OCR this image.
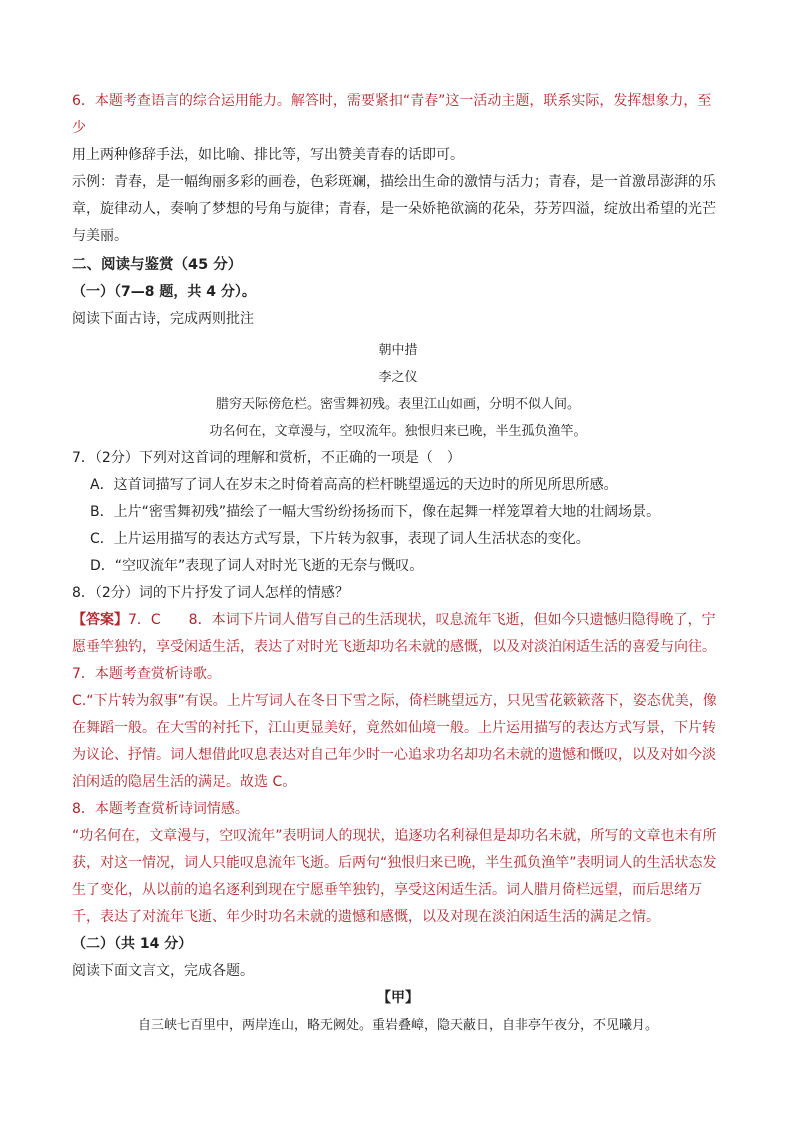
6．本题考查语言的综合运用能力。解答时，需要紧扣“青春”这一活动主题，联系实际，发挥想象力，至少

用上两种修辞手法，如比喻、排比等，写出赞美青春的话即可。

示例：青春，是一幅绚丽多彩的画卷，色彩斑斓，描绘出生命的激情与活力；青春，是一首激昂澎湃的乐

章，旋律动人，奏响了梦想的号角与旋律；青春，是一朵娇艳欲滴的花朵，芬芳四溢，绽放出希望的光芒

与美丽。

二、阅读与鉴赏（45 分）

（一）（7—8 题，共 4 分）。

阅读下面古诗，完成两则批注

朝中措

李之仪

腊穷天际傍危栏。密雪舞初残。表里江山如画，分明不似人间。

功名何在，文章漫与，空叹流年。独恨归来已晚，半生孤负渔竿。

7．（2分）下列对这首词的理解和赏析，不正确的一项是（　）

A．这首词描写了词人在岁末之时倚着高高的栏杆眺望遥远的天边时的所见所思所感。

B．上片“密雪舞初残”描绘了一幅大雪纷纷扬扬而下，像在起舞一样笼罩着大地的壮阔场景。

C．上片运用描写的表达方式写景，下片转为叙事，表现了词人生活状态的变化。

D．“空叹流年”表现了词人对时光飞逝的无奈与慨叹。

8．（2分）词的下片抒发了词人怎样的情感？

【答案】7．C　　8．本词下片词人借写自己的生活现状，叹息流年飞逝，但如今只遗憾归隐得晚了，宁

愿垂竿独钓，享受闲适生活，表达了对时光飞逝却功名未就的感慨，以及对淡泊闲适生活的喜爱与向往。

7．本题考查赏析诗歌。

C.“下片转为叙事”有误。上片写词人在冬日下雪之际，倚栏眺望远方，只见雪花簌簌落下，姿态优美，像

在舞蹈一般。在大雪的衬托下，江山更显美好，竟然如仙境一般。上片运用描写的表达方式写景，下片转

为议论、抒情。词人想借此叹息表达对自己年少时一心追求功名却功名未就的遗憾和慨叹，以及对如今淡

泊闲适的隐居生活的满足。故选 C。

8．本题考查赏析诗词情感。

“功名何在，文章漫与，空叹流年”表明词人的现状，追逐功名利禄但是却功名未就，所写的文章也未有所

获，对这一情况，词人只能叹息流年飞逝。后两句“独恨归来已晚，半生孤负渔竿”表明词人的生活状态发

生了变化，从以前的追名逐利到现在宁愿垂竿独钓，享受这闲适生活。词人腊月倚栏远望，而后思绪万

千，表达了对流年飞逝、年少时功名未就的遗憾和感慨，以及对现在淡泊闲适生活的满足之情。

（二）（共 14 分）

阅读下面文言文，完成各题。

【甲】

自三峡七百里中，两岸连山，略无阙处。重岩叠嶂，隐天蔽日，自非亭午夜分，不见曦月。
